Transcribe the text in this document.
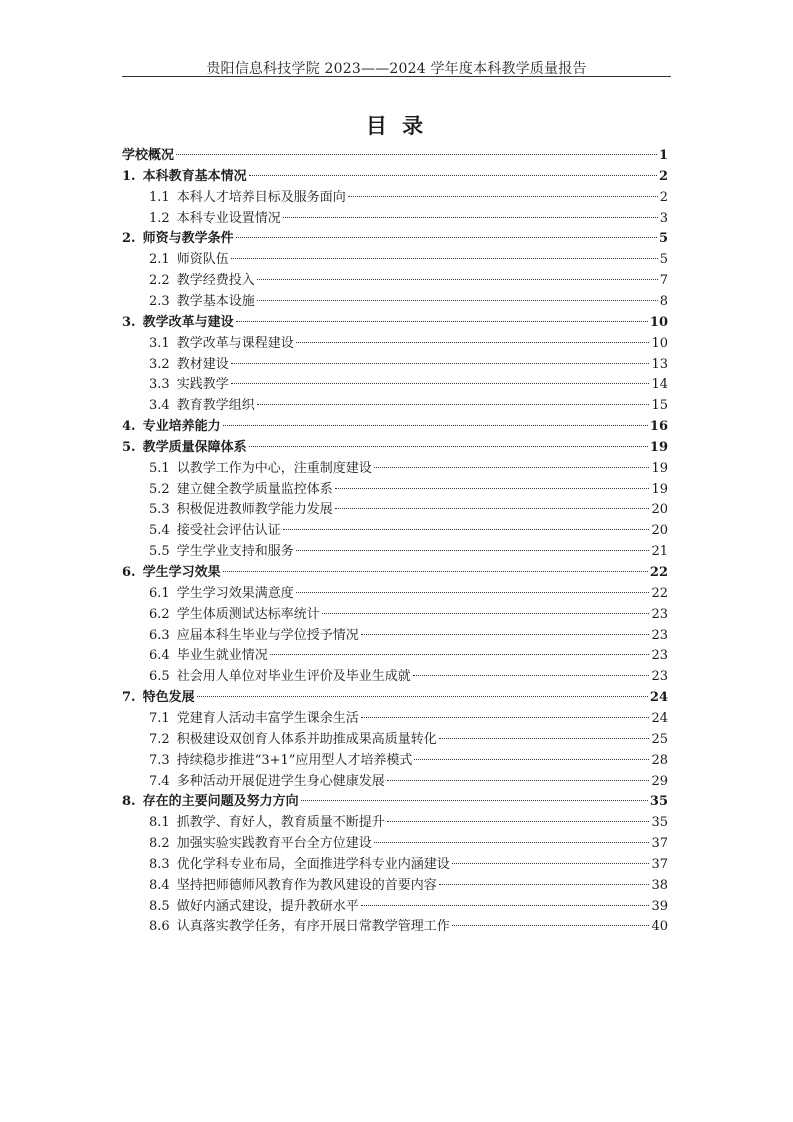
贵阳信息科技学院 2023——2024 学年度本科教学质量报告
目 录
学校概况	1
1. 本科教育基本情况	2
1.1 本科人才培养目标及服务面向	2
1.2 本科专业设置情况	3
2. 师资与教学条件	5
2.1 师资队伍	5
2.2 教学经费投入	7
2.3 教学基本设施	8
3. 教学改革与建设	10
3.1 教学改革与课程建设	10
3.2 教材建设	13
3.3 实践教学	14
3.4 教育教学组织	15
4. 专业培养能力	16
5. 教学质量保障体系	19
5.1 以教学工作为中心，注重制度建设	19
5.2 建立健全教学质量监控体系	19
5.3 积极促进教师教学能力发展	20
5.4 接受社会评估认证	20
5.5 学生学业支持和服务	21
6. 学生学习效果	22
6.1 学生学习效果满意度	22
6.2 学生体质测试达标率统计	23
6.3 应届本科生毕业与学位授予情况	23
6.4 毕业生就业情况	23
6.5 社会用人单位对毕业生评价及毕业生成就	23
7. 特色发展	24
7.1 党建育人活动丰富学生课余生活	24
7.2 积极建设双创育人体系并助推成果高质量转化	25
7.3 持续稳步推进“3+1”应用型人才培养模式	28
7.4 多种活动开展促进学生身心健康发展	29
8. 存在的主要问题及努力方向	35
8.1 抓教学、育好人，教育质量不断提升	35
8.2 加强实验实践教育平台全方位建设	37
8.3 优化学科专业布局，全面推进学科专业内涵建设	37
8.4 坚持把师德师风教育作为教风建设的首要内容	38
8.5 做好内涵式建设，提升教研水平	39
8.6 认真落实教学任务，有序开展日常教学管理工作	40
